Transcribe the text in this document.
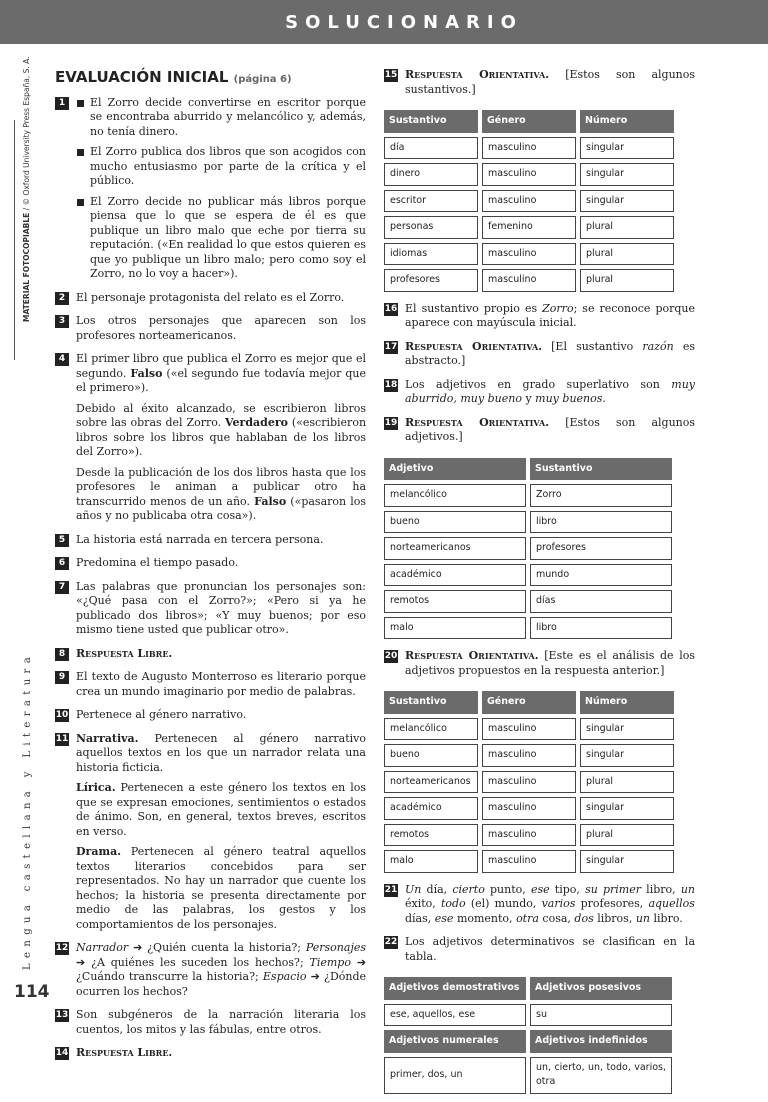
SOLUCIONARIO
MATERIAL FOTOCOPIABLE / © Oxford University Press España, S. A.
Lengua castellana y Literatura
114
EVALUACIÓN INICIAL (página 6)
1	El Zorro decide convertirse en escritor porque se encontraba aburrido y melancólico y, además, no tenía dinero.
El Zorro publica dos libros que son acogidos con mucho entusiasmo por parte de la crítica y el público.
El Zorro decide no publicar más libros porque piensa que lo que se espera de él es que publique un libro malo que eche por tierra su reputación. («En realidad lo que estos quieren es que yo publique un libro malo; pero como soy el Zorro, no lo voy a hacer»).
2 El personaje protagonista del relato es el Zorro.
3 Los otros personajes que aparecen son los profesores norteamericanos.
4 El primer libro que publica el Zorro es mejor que el segundo. Falso («el segundo fue todavía mejor que el primero»).
Debido al éxito alcanzado, se escribieron libros sobre las obras del Zorro. Verdadero («escribieron libros sobre los libros que hablaban de los libros del Zorro»).
Desde la publicación de los dos libros hasta que los profesores le animan a publicar otro ha transcurrido menos de un año. Falso («pasaron los años y no publicaba otra cosa»).
5 La historia está narrada en tercera persona.
6 Predomina el tiempo pasado.
7 Las palabras que pronuncian los personajes son: «¿Qué pasa con el Zorro?»; «Pero si ya he publicado dos libros»; «Y muy buenos; por eso mismo tiene usted que publicar otro».
8 Respuesta Libre.
9 El texto de Augusto Monterroso es literario porque crea un mundo imaginario por medio de palabras.
10 Pertenece al género narrativo.
11 Narrativa. Pertenecen al género narrativo aquellos textos en los que un narrador relata una historia ficticia.
Lírica. Pertenecen a este género los textos en los que se expresan emociones, sentimientos o estados de ánimo. Son, en general, textos breves, escritos en verso.
Drama. Pertenecen al género teatral aquellos textos literarios concebidos para ser representados. No hay un narrador que cuente los hechos; la historia se presenta directamente por medio de las palabras, los gestos y los comportamientos de los personajes.
12 Narrador ➔ ¿Quién cuenta la historia?; Personajes ➔ ¿A quiénes les suceden los hechos?; Tiempo ➔ ¿Cuándo transcurre la historia?; Espacio ➔ ¿Dónde ocurren los hechos?
13 Son subgéneros de la narración literaria los cuentos, los mitos y las fábulas, entre otros.
14 Respuesta Libre.
15 Respuesta Orientativa. [Estos son algunos sustantivos.]
Sustantivo	Género	Número
día	masculino	singular
dinero	masculino	singular
escritor	masculino	singular
personas	femenino	plural
idiomas	masculino	plural
profesores	masculino	plural
16 El sustantivo propio es Zorro; se reconoce porque aparece con mayúscula inicial.
17 Respuesta Orientativa. [El sustantivo razón es abstracto.]
18 Los adjetivos en grado superlativo son muy aburrido, muy bueno y muy buenos.
19 Respuesta Orientativa. [Estos son algunos adjetivos.]
Adjetivo	Sustantivo
melancólico	Zorro
bueno	libro
norteamericanos	profesores
académico	mundo
remotos	días
malo	libro
20 Respuesta Orientativa. [Este es el análisis de los adjetivos propuestos en la respuesta anterior.]
Sustantivo	Género	Número
melancólico	masculino	singular
bueno	masculino	singular
norteamericanos	masculino	plural
académico	masculino	singular
remotos	masculino	plural
malo	masculino	singular
21 Un día, cierto punto, ese tipo, su primer libro, un éxito, todo (el) mundo, varios profesores, aquellos días, ese momento, otra cosa, dos libros, un libro.
22 Los adjetivos determinativos se clasifican en la tabla.
Adjetivos demostrativos	Adjetivos posesivos
ese, aquellos, ese	su
Adjetivos numerales	Adjetivos indefinidos
primer, dos, un	un, cierto, un, todo, varios, otra
